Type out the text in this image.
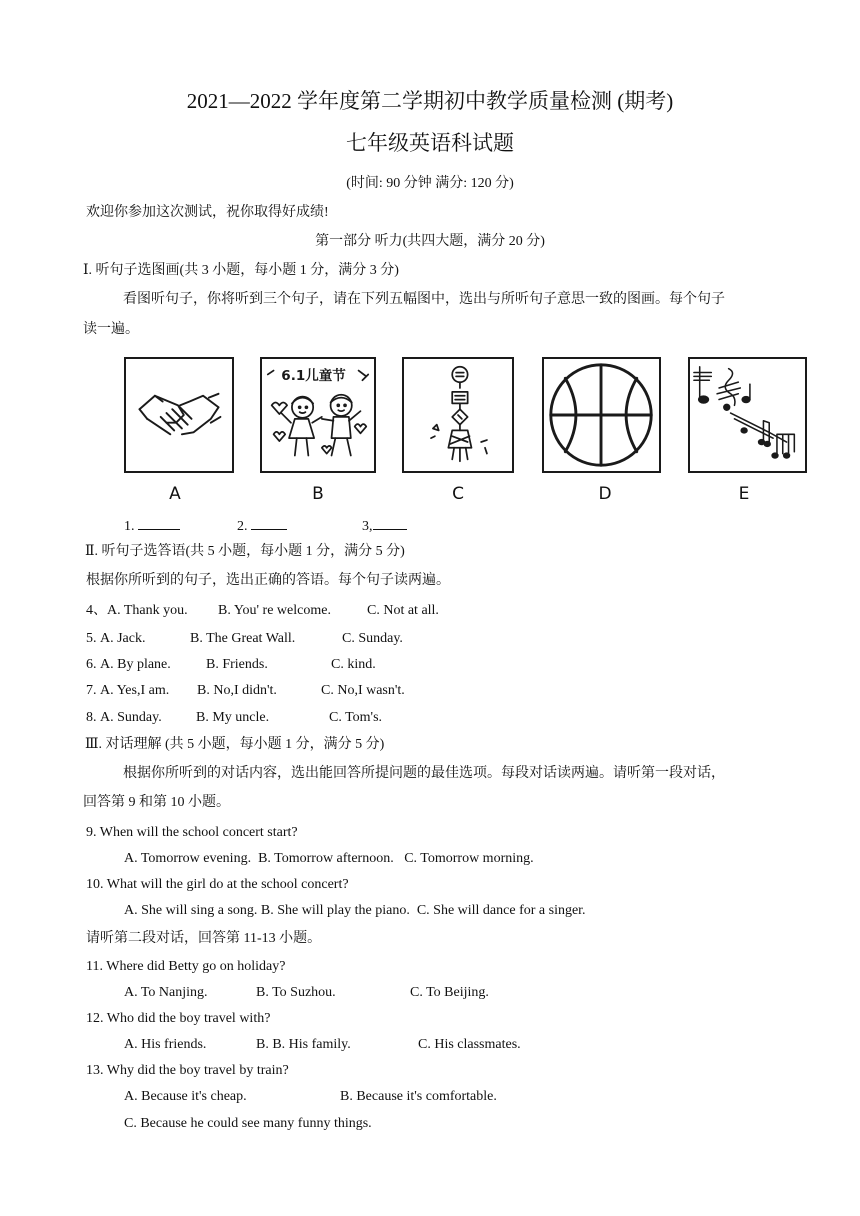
2021—2022 学年度第二学期初中教学质量检测 (期考)
七年级英语科试题
(时间: 90 分钟 满分: 120 分)
欢迎你参加这次测试，祝你取得好成绩!
第一部分 听力(共四大题，满分 20 分)
Ⅰ. 听句子选图画(共 3 小题，每小题 1 分，满分 3 分)
看图听句子，你将听到三个句子，请在下列五幅图中，选出与所听句子意思一致的图画。每个句子
读一遍。
6.1儿童节
A	B	C	D	E
1.	2.	3,
Ⅱ. 听句子选答语(共 5 小题，每小题 1 分，满分 5 分)
根据你所听到的句子，选出正确的答语。每个句子读两遍。
4、 A. Thank you. B. You' re welcome.	C. Not at all.
5. A. Jack.	B. The Great Wall.	C. Sunday.
6. A. By plane.	B. Friends.	C. kind.
7. A. Yes,I am. B. No,I didn't.	C. No,I wasn't.
8. A. Sunday. B. My uncle.	C. Tom's.
Ⅲ. 对话理解 (共 5 小题，每小题 1 分，满分 5 分)
根据你所听到的对话内容，选出能回答所提问题的最佳选项。每段对话读两遍。请听第一段对话，
回答第 9 和第 10 小题。
9. When will the school concert start?
A. Tomorrow evening.  B. Tomorrow afternoon.   C. Tomorrow morning.
10. What will the girl do at the school concert?
A. She will sing a song. B. She will play the piano.  C. She will dance for a singer.
请听第二段对话，回答第 11-13 小题。
11. Where did Betty go on holiday?
A. To Nanjing.	B. To Suzhou.	C. To Beijing.
12. Who did the boy travel with?
A. His friends.	B. B. His family.	C. His classmates.
13. Why did the boy travel by train?
A. Because it's cheap.	B. Because it's comfortable.
C. Because he could see many funny things.
